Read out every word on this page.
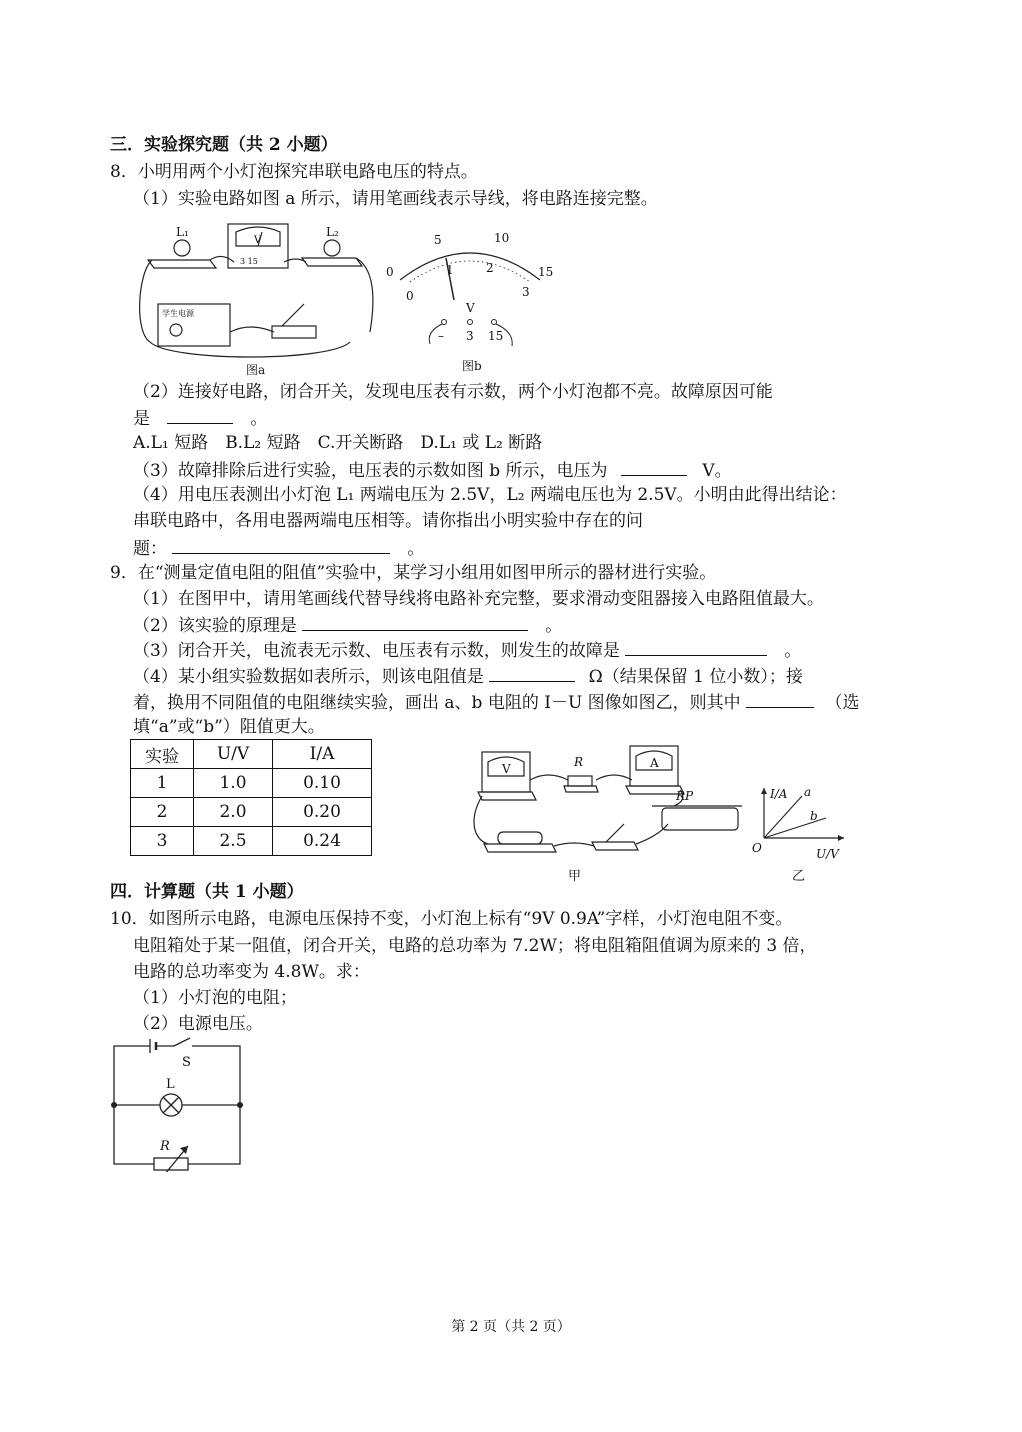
三．实验探究题（共 2 小题）
8．小明用两个小灯泡探究串联电路电压的特点。
（1）实验电路如图 a 所示，请用笔画线表示导线，将电路连接完整。
L₁	L₂
V
3 15
学生电源
图a
0
5	10
15
0
1	2
3
V
– 3 15
图b
（2）连接好电路，闭合开关，发现电压表有示数，两个小灯泡都不亮。故障原因可能
是	　。
A.L₁ 短路　B.L₂ 短路　C.开关断路　D.L₁ 或 L₂ 断路
（3）故障排除后进行实验，电压表的示数如图 b 所示，电压为	V。
（4）用电压表测出小灯泡 L₁ 两端电压为 2.5V，L₂ 两端电压也为 2.5V。小明由此得出结论：
串联电路中，各用电器两端电压相等。请你指出小明实验中存在的问
题：	　。
9．在“测量定值电阻的阻值”实验中，某学习小组用如图甲所示的器材进行实验。
（1）在图甲中，请用笔画线代替导线将电路补充完整，要求滑动变阻器接入电路阻值最大。
（2）该实验的原理是	　。
（3）闭合开关，电流表无示数、电压表有示数，则发生的故障是	　。
（4）某小组实验数据如表所示，则该电阻值是	Ω（结果保留 1 位小数）；接
着，换用不同阻值的电阻继续实验，画出 a、b 电阻的 I－U 图像如图乙，则其中	（选
填“a”或“b”）阻值更大。
实验	U/V	I/A
1	1.0	0.10
2	2.0	0.20
3	2.5	0.24
V	R	A
RP
甲
I/A
U/V
O
a
b
乙
四．计算题（共 1 小题）
10．如图所示电路，电源电压保持不变，小灯泡上标有“9V 0.9A”字样，小灯泡电阻不变。
电阻箱处于某一阻值，闭合开关，电路的总功率为 7.2W；将电阻箱阻值调为原来的 3 倍，
电路的总功率变为 4.8W。求：
（1）小灯泡的电阻；
（2）电源电压。
S
L
R
第 2 页（共 2 页）
